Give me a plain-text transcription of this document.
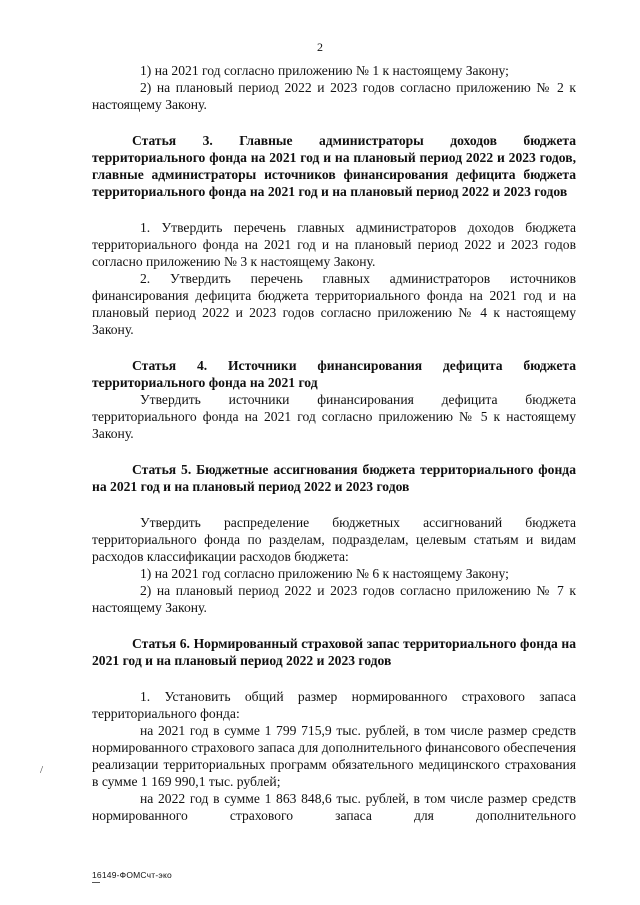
2

1) на 2021 год согласно приложению № 1 к настоящему Закону;

2) на плановый период 2022 и 2023 годов согласно приложению № 2 к настоящему Закону.

Статья 3. Главные администраторы доходов бюджета территориального фонда на 2021 год и на плановый период 2022 и 2023 годов, главные администраторы источников финансирования дефицита бюджета территориального фонда на 2021 год и на плановый период 2022 и 2023 годов

1. Утвердить перечень главных администраторов доходов бюджета территориального фонда на 2021 год и на плановый период 2022 и 2023 годов согласно приложению № 3 к настоящему Закону.

2. Утвердить перечень главных администраторов источников финансирования дефицита бюджета территориального фонда на 2021 год и на плановый период 2022 и 2023 годов согласно приложению № 4 к настоящему Закону.

Статья 4. Источники финансирования дефицита бюджета территориального фонда на 2021 год

Утвердить источники финансирования дефицита бюджета территориального фонда на 2021 год согласно приложению № 5 к настоящему Закону.

Статья 5. Бюджетные ассигнования бюджета территориального фонда на 2021 год и на плановый период 2022 и 2023 годов

Утвердить распределение бюджетных ассигнований бюджета территориального фонда по разделам, подразделам, целевым статьям и видам расходов классификации расходов бюджета:

1) на 2021 год согласно приложению № 6 к настоящему Закону;

2) на плановый период 2022 и 2023 годов согласно приложению № 7 к настоящему Закону.

Статья 6. Нормированный страховой запас территориального фонда на 2021 год и на плановый период 2022 и 2023 годов

1. Установить общий размер нормированного страхового запаса территориального фонда:

на 2021 год в сумме 1 799 715,9 тыс. рублей, в том числе размер средств нормированного страхового запаса для дополнительного финансового обеспечения реализации территориальных программ обязательного медицинского страхования в сумме 1 169 990,1 тыс. рублей;

на 2022 год в сумме 1 863 848,6 тыс. рублей, в том числе размер средств нормированного страхового запаса для дополнительного

/
16149-ФОМСчт-эко
